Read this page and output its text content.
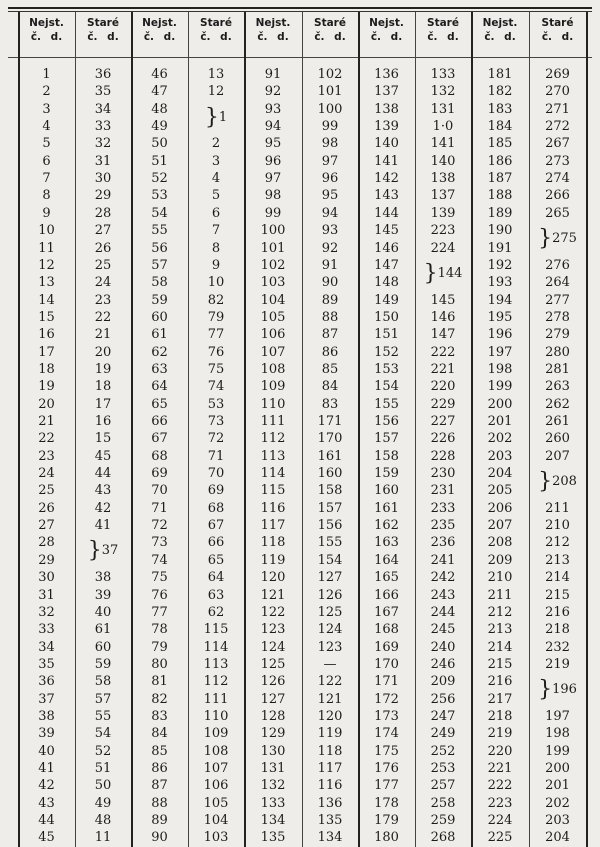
Nejst.
č. d.
Staré
č. d.
Nejst.
č. d.
Staré
č. d.
Nejst.
č. d.
Staré
č. d.
Nejst.
č. d.
Staré
č. d.
Nejst.
č. d.
Staré
č. d.
1
2
3
4
5
6
7
8
9
10
11
12
13
14
15
16
17
18
19
20
21
22
23
24
25
26
27
28
29
30
31
32
33
34
35
36
37
38
39
40
41
42
43
44
45
36
35
34
33
32
31
30
29
28
27
26
25
24
23
22
21
20
19
18
17
16
15
45
44
43
42
41
38
39
40
61
60
59
58
57
55
54
52
51
50
49
48
11
46
47
48
49
50
51
52
53
54
55
56
57
58
59
60
61
62
63
64
65
66
67
68
69
70
71
72
73
74
75
76
77
78
79
80
81
82
83
84
85
86
87
88
89
90
13
12
2
3
4
5
6
7
8
9
10
82
79
77
76
75
74
53
73
72
71
70
69
68
67
66
65
64
63
62
115
114
113
112
111
110
109
108
107
106
105
104
103
91
92
93
94
95
96
97
98
99
100
101
102
103
104
105
106
107
108
109
110
111
112
113
114
115
116
117
118
119
120
121
122
123
124
125
126
127
128
129
130
131
132
133
134
135
102
101
100
99
98
97
96
95
94
93
92
91
90
89
88
87
86
85
84
83
171
170
161
160
158
157
156
155
154
127
126
125
124
123
—
122
121
120
119
118
117
116
136
135
134
136
137
138
139
140
141
142
143
144
145
146
147
148
149
150
151
152
153
154
155
156
157
158
159
160
161
162
163
164
165
166
167
168
169
170
171
172
173
174
175
176
177
178
179
180
133
132
131
1·0
141
140
138
137
139
223
224
145
146
147
222
221
220
229
227
226
228
230
231
233
235
236
241
242
243
244
245
240
246
209
256
247
249
252
253
257
258
259
268
181
182
183
184
185
186
187
188
189
190
191
192
193
194
195
196
197
198
199
200
201
202
203
204
205
206
207
208
209
210
211
212
213
214
215
216
217
218
219
220
221
222
223
224
225
269
270
271
272
267
273
274
266
265
276
264
277
278
279
280
281
263
262
261
260
207
211
210
212
213
214
215
216
218
232
219
197
198
199
200
201
202
203
204
}37
}1
}144
}275
}208
}196
